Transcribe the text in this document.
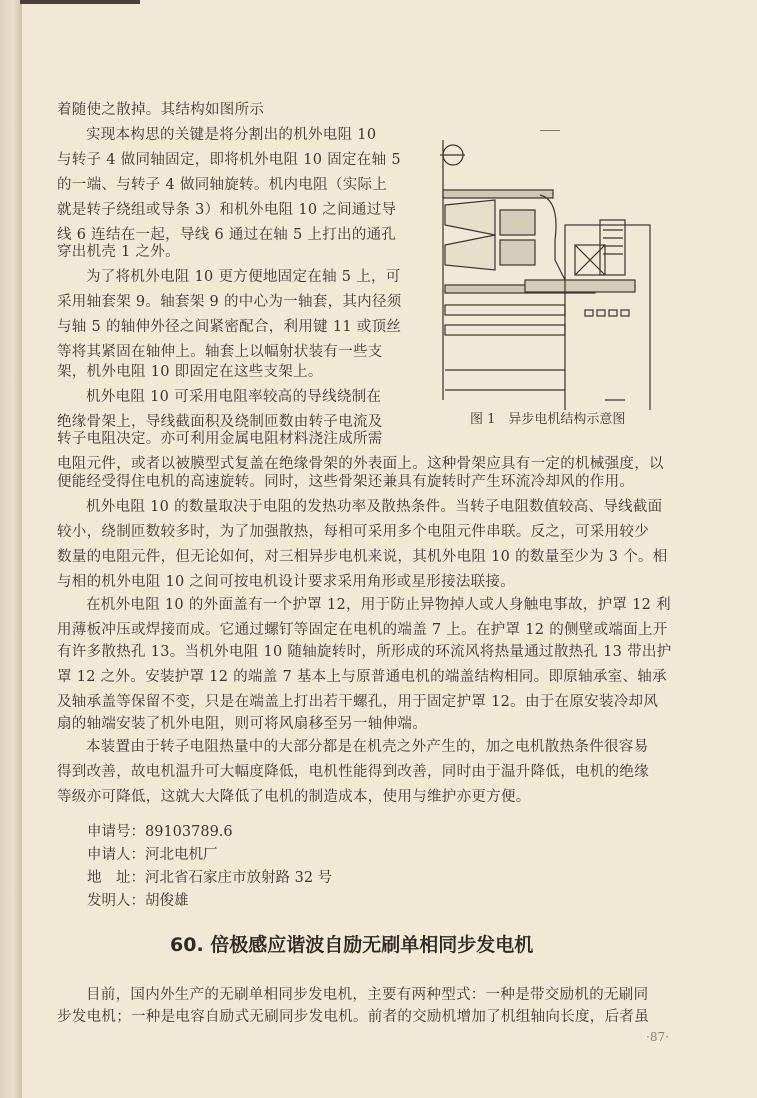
着随使之散掉。其结构如图所示
实现本构思的关键是将分割出的机外电阻 10
与转子 4 做同轴固定，即将机外电阻 10 固定在轴 5
的一端、与转子 4 做同轴旋转。机内电阻（实际上
就是转子绕组或导条 3）和机外电阻 10 之间通过导
线 6 连结在一起，导线 6 通过在轴 5 上打出的通孔
穿出机壳 1 之外。
为了将机外电阻 10 更方便地固定在轴 5 上，可
采用轴套架 9。轴套架 9 的中心为一轴套，其内径须
与轴 5 的轴伸外径之间紧密配合，利用键 11 或顶丝
等将其紧固在轴伸上。轴套上以幅射状装有一些支
架，机外电阻 10 即固定在这些支架上。
机外电阻 10 可采用电阻率较高的导线绕制在
绝缘骨架上，导线截面积及绕制匝数由转子电流及
转子电阻决定。亦可利用金属电阻材料浇注成所需
图 1　异步电机结构示意图
电阻元件，或者以被膜型式复盖在绝缘骨架的外表面上。这种骨架应具有一定的机械强度，以
便能经受得住电机的高速旋转。同时，这些骨架还兼具有旋转时产生环流冷却风的作用。
机外电阻 10 的数量取决于电阻的发热功率及散热条件。当转子电阻数值较高、导线截面
较小，绕制匝数较多时，为了加强散热，每相可采用多个电阻元件串联。反之，可采用较少
数量的电阻元件，但无论如何，对三相异步电机来说，其机外电阻 10 的数量至少为 3 个。相
与相的机外电阻 10 之间可按电机设计要求采用角形或星形接法联接。
在机外电阻 10 的外面盖有一个护罩 12，用于防止异物掉人或人身触电事故，护罩 12 利
用薄板冲压或焊接而成。它通过螺钉等固定在电机的端盖 7 上。在护罩 12 的侧壁或端面上开
有许多散热孔 13。当机外电阻 10 随轴旋转时，所形成的环流风将热量通过散热孔 13 带出护
罩 12 之外。安装护罩 12 的端盖 7 基本上与原普通电机的端盖结构相同。即原轴承室、轴承
及轴承盖等保留不变，只是在端盖上打出若干螺孔，用于固定护罩 12。由于在原安装冷却风
扇的轴端安装了机外电阻，则可将风扇移至另一轴伸端。
本装置由于转子电阻热量中的大部分都是在机壳之外产生的，加之电机散热条件很容易
得到改善，故电机温升可大幅度降低，电机性能得到改善，同时由于温升降低，电机的绝缘
等级亦可降低，这就大大降低了电机的制造成本，使用与维护亦更方便。
申请号：89103789.6
申请人：河北电机厂
地　址：河北省石家庄市放射路 32 号
发明人：胡俊雄
60. 倍极感应谐波自励无刷单相同步发电机
目前，国内外生产的无刷单相同步发电机，主要有两种型式：一种是带交励机的无刷同
步发电机；一种是电容自励式无刷同步发电机。前者的交励机增加了机组轴向长度，后者虽
·87·
